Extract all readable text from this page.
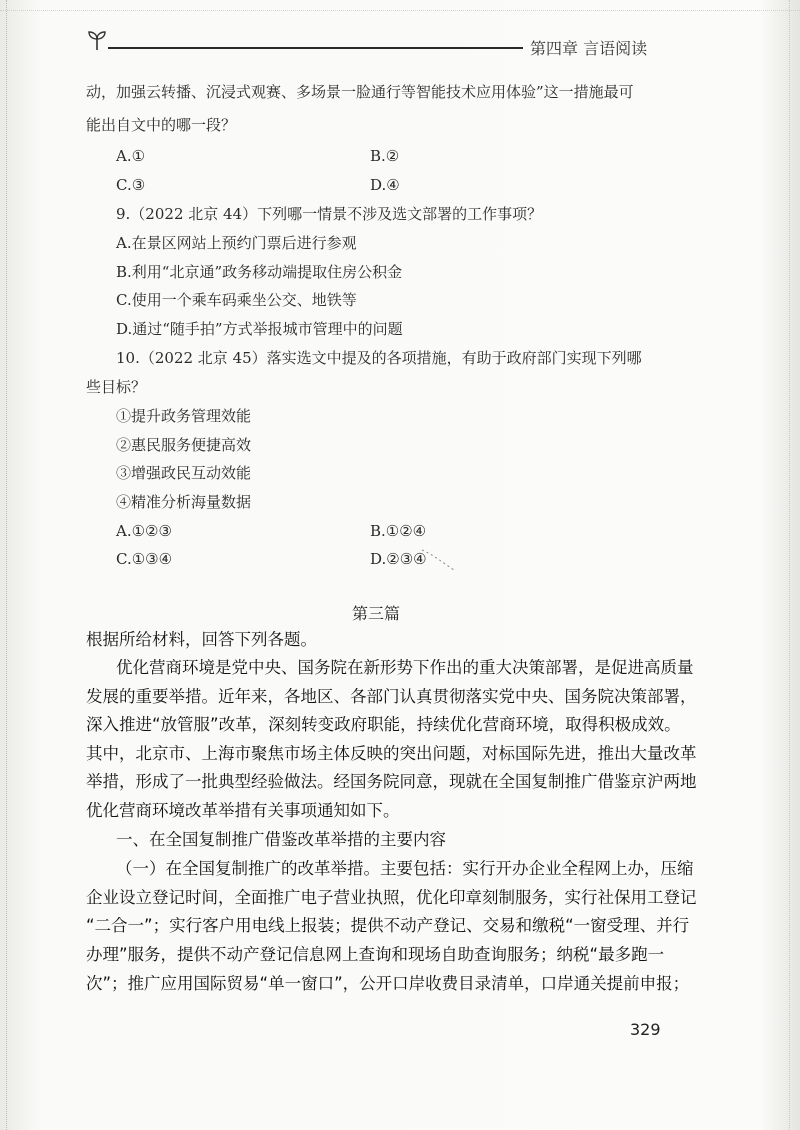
第四章 言语阅读
动，加强云转播、沉浸式观赛、多场景一脸通行等智能技术应用体验”这一措施最可
能出自文中的哪一段？
A.①	B.②
C.③	D.④
9.（2022 北京 44）下列哪一情景不涉及选文部署的工作事项？
A.在景区网站上预约门票后进行参观
B.利用“北京通”政务移动端提取住房公积金
C.使用一个乘车码乘坐公交、地铁等
D.通过“随手拍”方式举报城市管理中的问题
10.（2022 北京 45）落实选文中提及的各项措施，有助于政府部门实现下列哪
些目标？
①提升政务管理效能
②惠民服务便捷高效
③增强政民互动效能
④精准分析海量数据
A.①②③	B.①②④
C.①③④	D.②③④
第三篇
根据所给材料，回答下列各题。
优化营商环境是党中央、国务院在新形势下作出的重大决策部署，是促进高质量
发展的重要举措。近年来，各地区、各部门认真贯彻落实党中央、国务院决策部署，
深入推进“放管服”改革，深刻转变政府职能，持续优化营商环境，取得积极成效。
其中，北京市、上海市聚焦市场主体反映的突出问题，对标国际先进，推出大量改革
举措，形成了一批典型经验做法。经国务院同意，现就在全国复制推广借鉴京沪两地
优化营商环境改革举措有关事项通知如下。
一、在全国复制推广借鉴改革举措的主要内容
（一）在全国复制推广的改革举措。主要包括：实行开办企业全程网上办，压缩
企业设立登记时间，全面推广电子营业执照，优化印章刻制服务，实行社保用工登记
“二合一”；实行客户用电线上报装；提供不动产登记、交易和缴税“一窗受理、并行
办理”服务，提供不动产登记信息网上查询和现场自助查询服务；纳税“最多跑一
次”；推广应用国际贸易“单一窗口”，公开口岸收费目录清单，口岸通关提前申报；
329
